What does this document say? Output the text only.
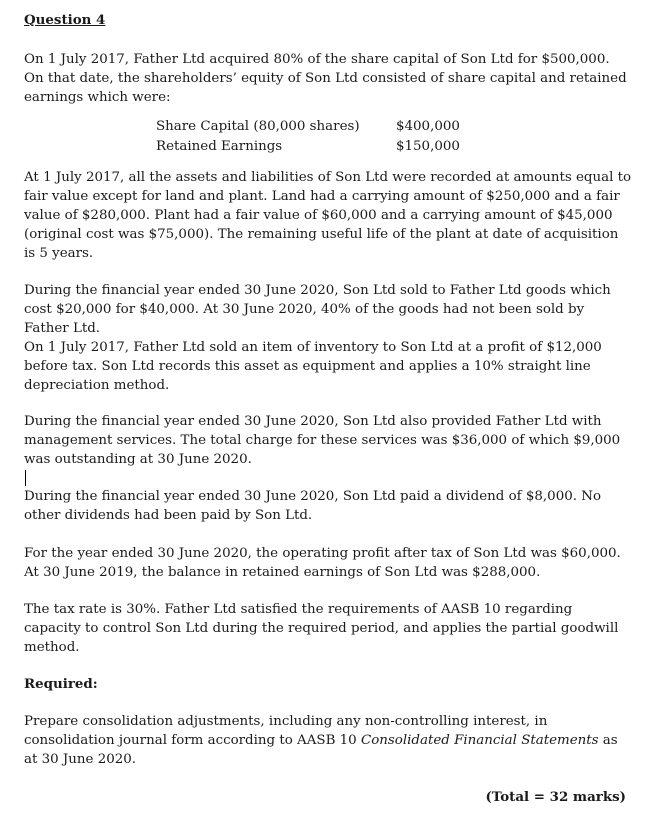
Question 4

On 1 July 2017, Father Ltd acquired 80% of the share capital of Son Ltd for $500,000. On that date, the shareholders’ equity of Son Ltd consisted of share capital and retained earnings which were:

Share Capital (80,000 shares)	$400,000
Retained Earnings	$150,000

At 1 July 2017, all the assets and liabilities of Son Ltd were recorded at amounts equal to fair value except for land and plant. Land had a carrying amount of $250,000 and a fair value of $280,000. Plant had a fair value of $60,000 and a carrying amount of $45,000 (original cost was $75,000). The remaining useful life of the plant at date of acquisition is 5 years.

During the financial year ended 30 June 2020, Son Ltd sold to Father Ltd goods which cost $20,000 for $40,000. At 30 June 2020, 40% of the goods had not been sold by Father Ltd.

On 1 July 2017, Father Ltd sold an item of inventory to Son Ltd at a profit of $12,000 before tax. Son Ltd records this asset as equipment and applies a 10% straight line depreciation method.

During the financial year ended 30 June 2020, Son Ltd also provided Father Ltd with management services. The total charge for these services was $36,000 of which $9,000 was outstanding at 30 June 2020.

During the financial year ended 30 June 2020, Son Ltd paid a dividend of $8,000. No other dividends had been paid by Son Ltd.

For the year ended 30 June 2020, the operating profit after tax of Son Ltd was $60,000. At 30 June 2019, the balance in retained earnings of Son Ltd was $288,000.

The tax rate is 30%. Father Ltd satisfied the requirements of AASB 10 regarding capacity to control Son Ltd during the required period, and applies the partial goodwill method.

Required:

Prepare consolidation adjustments, including any non-controlling interest, in consolidation journal form according to AASB 10 Consolidated Financial Statements as at 30 June 2020.

(Total = 32 marks)
